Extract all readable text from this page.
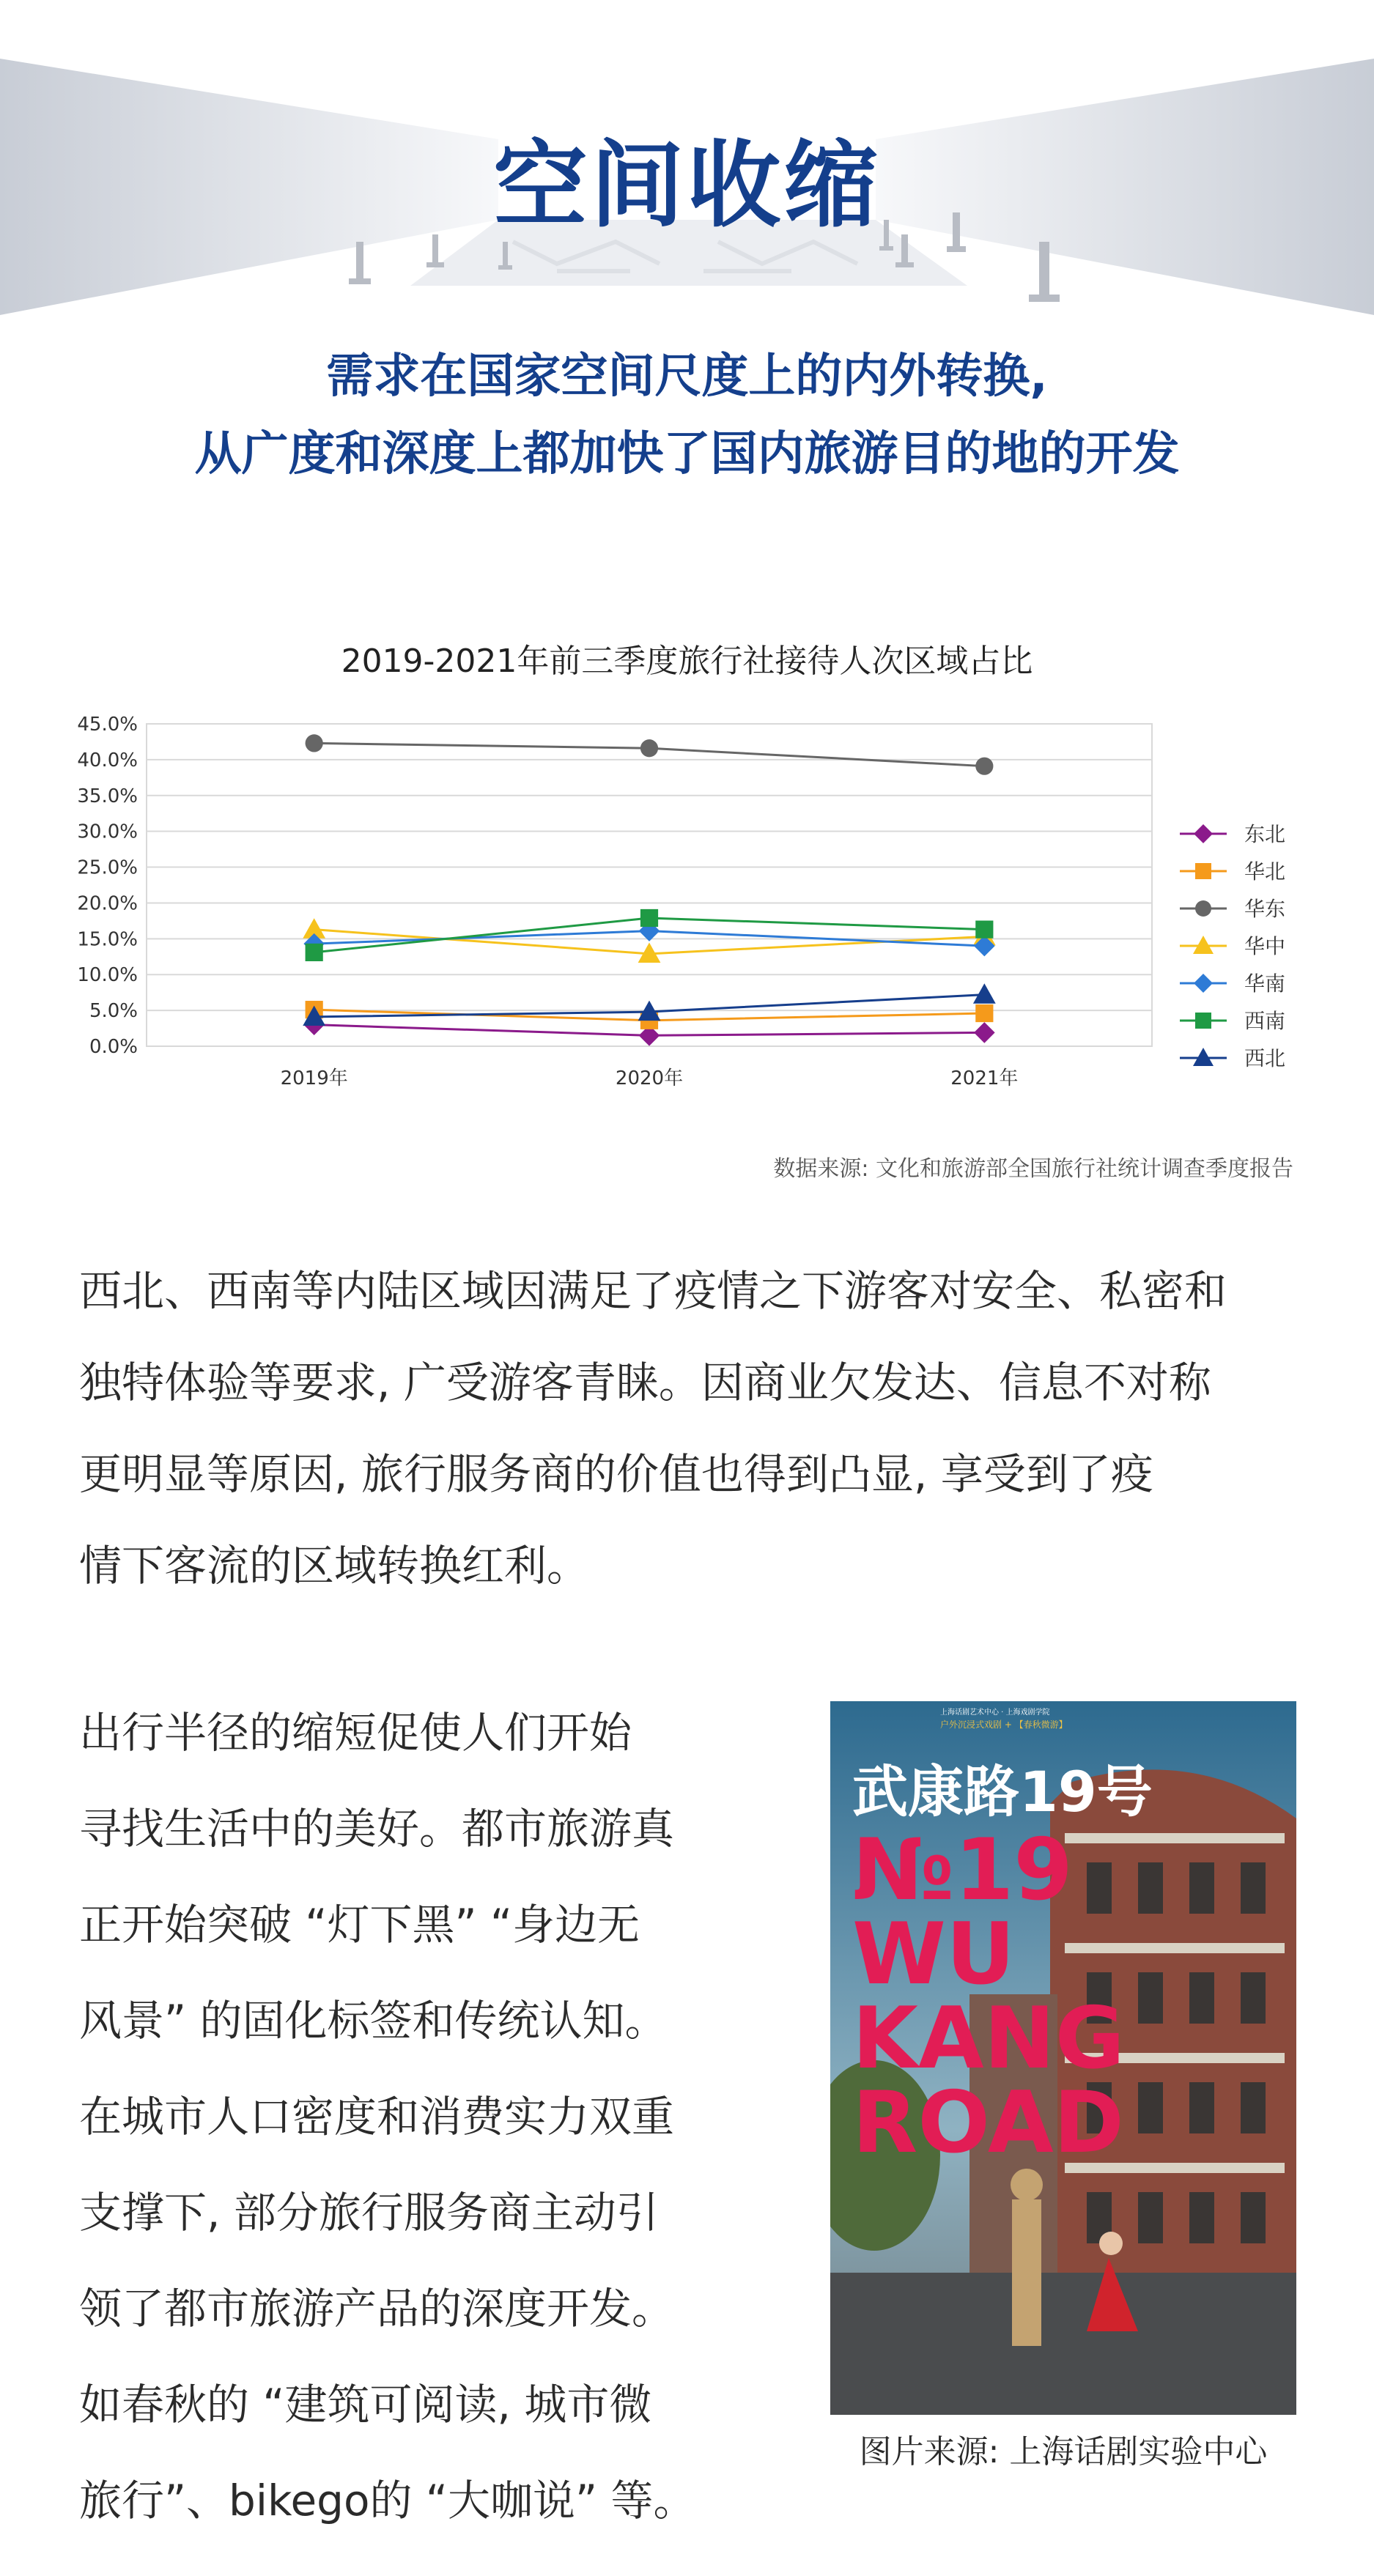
空间收缩
需求在国家空间尺度上的内外转换,
从广度和深度上都加快了国内旅游目的地的开发
2019-2021年前三季度旅行社接待人次区域占比
0.0%
5.0%
10.0%
15.0%
20.0%
25.0%
30.0%
35.0%
40.0%
45.0%
2019年	2020年	2021年
东北
华北
华东
华中
华南
西南
西北
数据来源: 文化和旅游部全国旅行社统计调查季度报告

西北、西南等内陆区域因满足了疫情之下游客对安全、私密和
独特体验等要求, 广受游客青睐。因商业欠发达、信息不对称
更明显等原因, 旅行服务商的价值也得到凸显, 享受到了疫
情下客流的区域转换红利。

出行半径的缩短促使人们开始
寻找生活中的美好。都市旅游真
正开始突破 “灯下黑” “身边无
风景” 的固化标签和传统认知。
在城市人口密度和消费实力双重
支撑下, 部分旅行服务商主动引
领了都市旅游产品的深度开发。
如春秋的 “建筑可阅读, 城市微
旅行”、bikego的 “大咖说” 等。

上海话剧艺术中心 · 上海戏剧学院
户外沉浸式戏剧 + 【春秋微游】
武康路19号
№19
WU
KANG
ROAD
图片来源: 上海话剧实验中心
